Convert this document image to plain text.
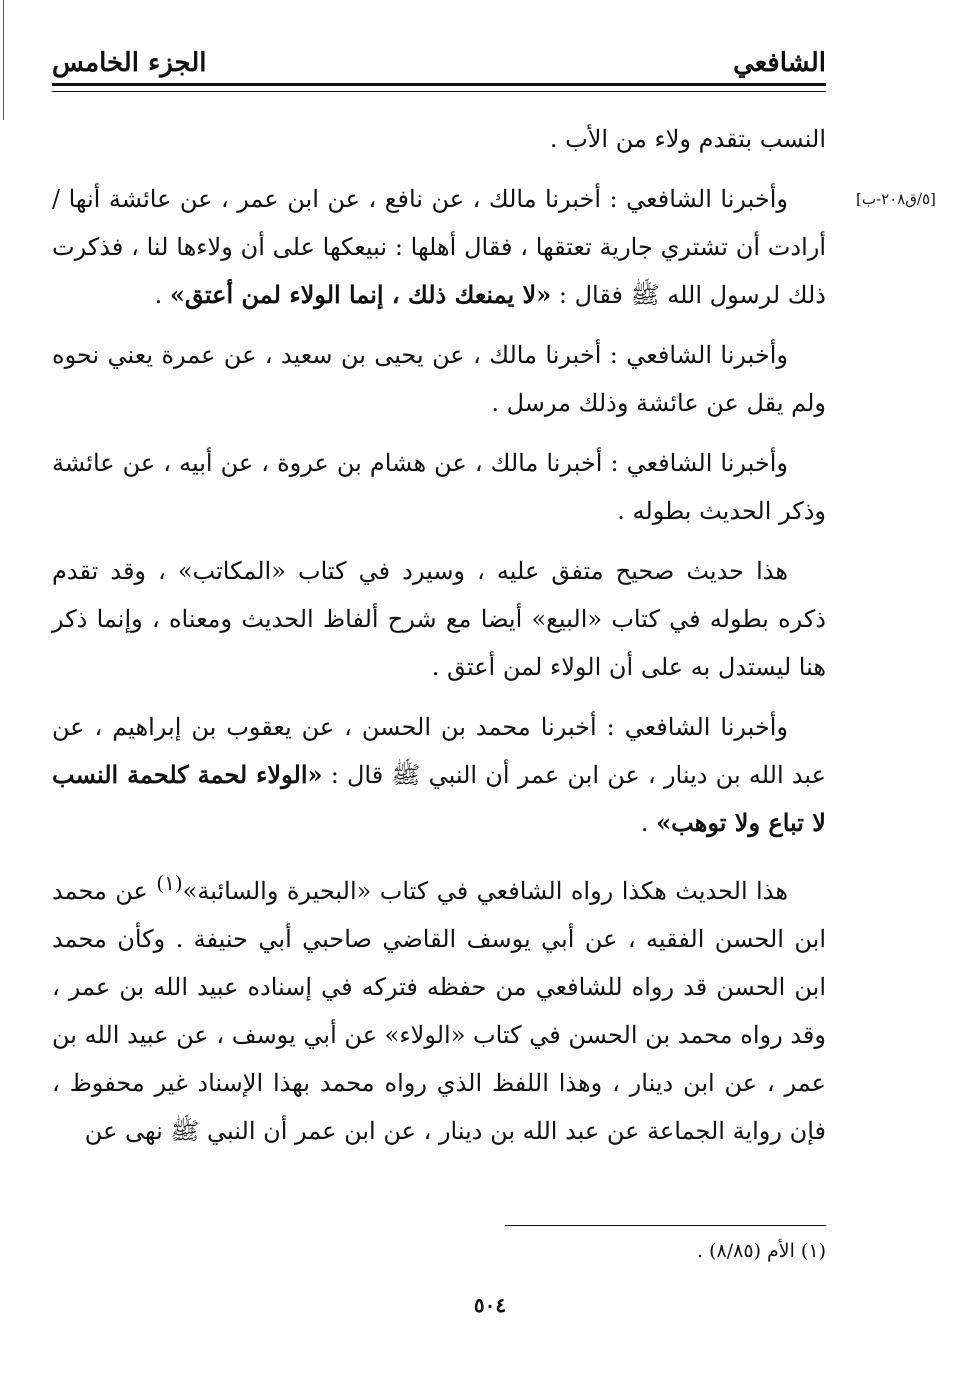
الشافعي
الجزء الخامس
[٥/ق٢٠٨-ب]

النسب بتقدم ولاء من الأب .

وأخبرنا الشافعي : أخبرنا مالك ، عن نافع ، عن ابن عمر ، عن عائشة أنها / أرادت أن تشتري جارية تعتقها ، فقال أهلها : نبيعكها على أن ولاءها لنا ، فذكرت ذلك لرسول الله ﷺ فقال : «لا يمنعك ذلك ، إنما الولاء لمن أعتق» .

وأخبرنا الشافعي : أخبرنا مالك ، عن يحيى بن سعيد ، عن عمرة يعني نحوه ولم يقل عن عائشة وذلك مرسل .

وأخبرنا الشافعي : أخبرنا مالك ، عن هشام بن عروة ، عن أبيه ، عن عائشة وذكر الحديث بطوله .

هذا حديث صحيح متفق عليه ، وسيرد في كتاب «المكاتب» ، وقد تقدم ذكره بطوله في كتاب «البيع» أيضا مع شرح ألفاظ الحديث ومعناه ، وإنما ذكر هنا ليستدل به على أن الولاء لمن أعتق .

وأخبرنا الشافعي : أخبرنا محمد بن الحسن ، عن يعقوب بن إبراهيم ، عن عبد الله بن دينار ، عن ابن عمر أن النبي ﷺ قال : «الولاء لحمة كلحمة النسب لا تباع ولا توهب» .

هذا الحديث هكذا رواه الشافعي في كتاب «البحيرة والسائبة»$^{(١)}$ عن محمد ابن الحسن الفقيه ، عن أبي يوسف القاضي صاحبي أبي حنيفة . وكأن محمد ابن الحسن قد رواه للشافعي من حفظه فتركه في إسناده عبيد الله بن عمر ، وقد رواه محمد بن الحسن في كتاب «الولاء» عن أبي يوسف ، عن عبيد الله بن عمر ، عن ابن دينار ، وهذا اللفظ الذي رواه محمد بهذا الإسناد غير محفوظ ، فإن رواية الجماعة عن عبد الله بن دينار ، عن ابن عمر أن النبي ﷺ نهى عن

(١) الأم (٨/٨٥) .
٥٠٤
